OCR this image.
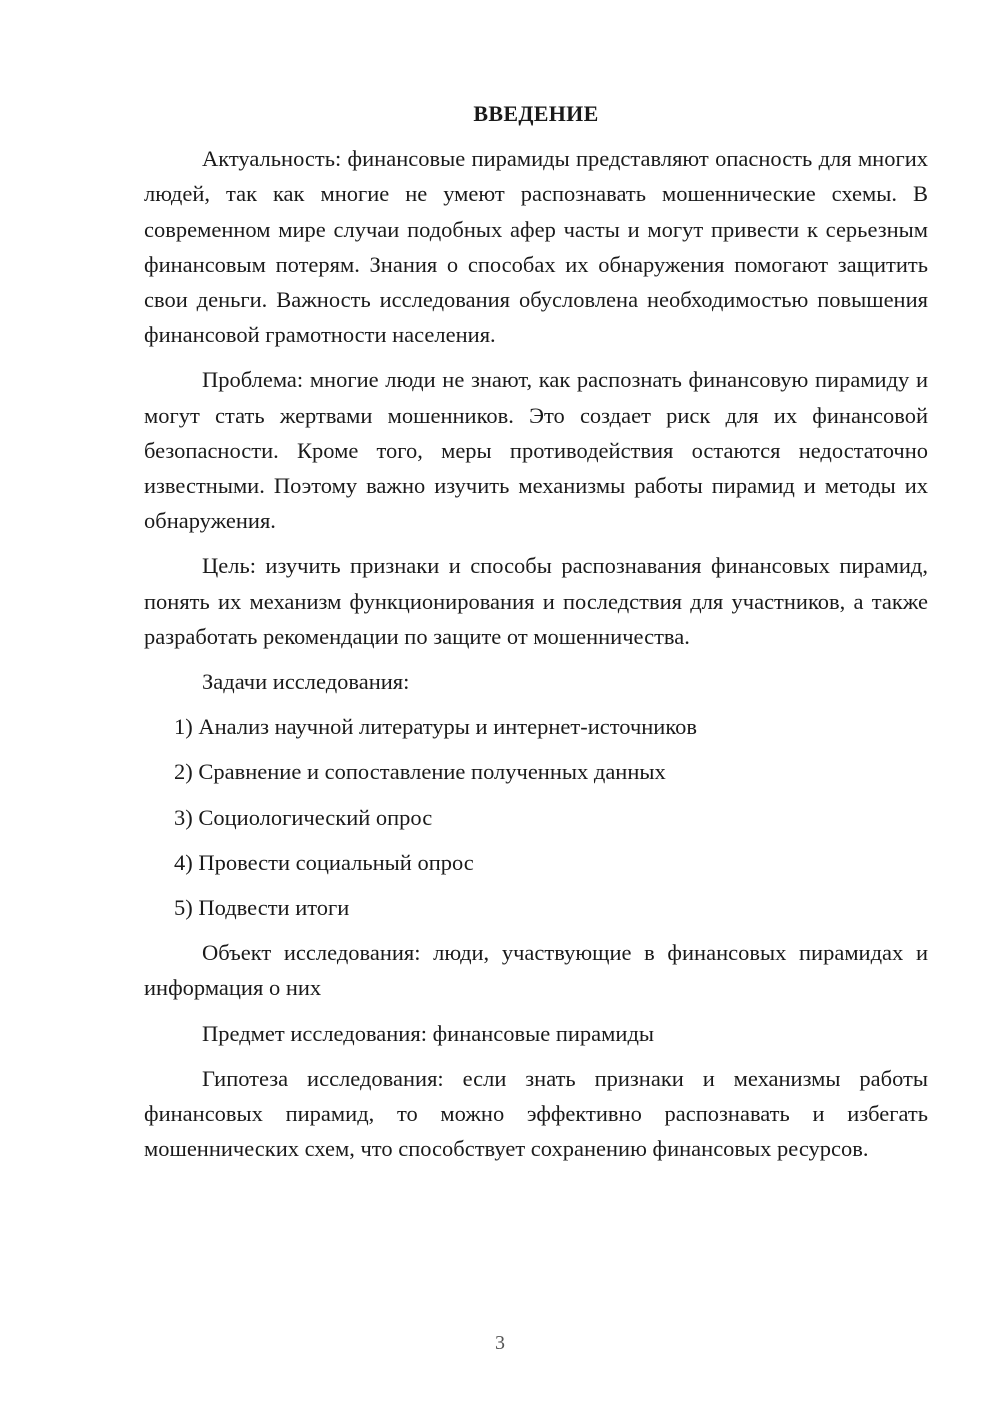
ВВЕДЕНИЕ

Актуальность: финансовые пирамиды представляют опасность для многих людей, так как многие не умеют распознавать мошеннические схемы. В современном мире случаи подобных афер часты и могут привести к серьезным финансовым потерям. Знания о способах их обнаружения помогают защитить свои деньги. Важность исследования обусловлена необходимостью повышения финансовой грамотности населения.

Проблема: многие люди не знают, как распознать финансовую пирамиду и могут стать жертвами мошенников. Это создает риск для их финансовой безопасности. Кроме того, меры противодействия остаются недостаточно известными. Поэтому важно изучить механизмы работы пирамид и методы их обнаружения.

Цель: изучить признаки и способы распознавания финансовых пирамид, понять их механизм функционирования и последствия для участников, а также разработать рекомендации по защите от мошенничества.

Задачи исследования:

1) Анализ научной литературы и интернет-источников
2) Сравнение и сопоставление полученных данных
3) Социологический опрос
4) Провести социальный опрос
5) Подвести итоги

Объект исследования: люди, участвующие в финансовых пирамидах и информация о них

Предмет исследования: финансовые пирамиды

Гипотеза исследования: если знать признаки и механизмы работы финансовых пирамид, то можно эффективно распознавать и избегать мошеннических схем, что способствует сохранению финансовых ресурсов.

3
